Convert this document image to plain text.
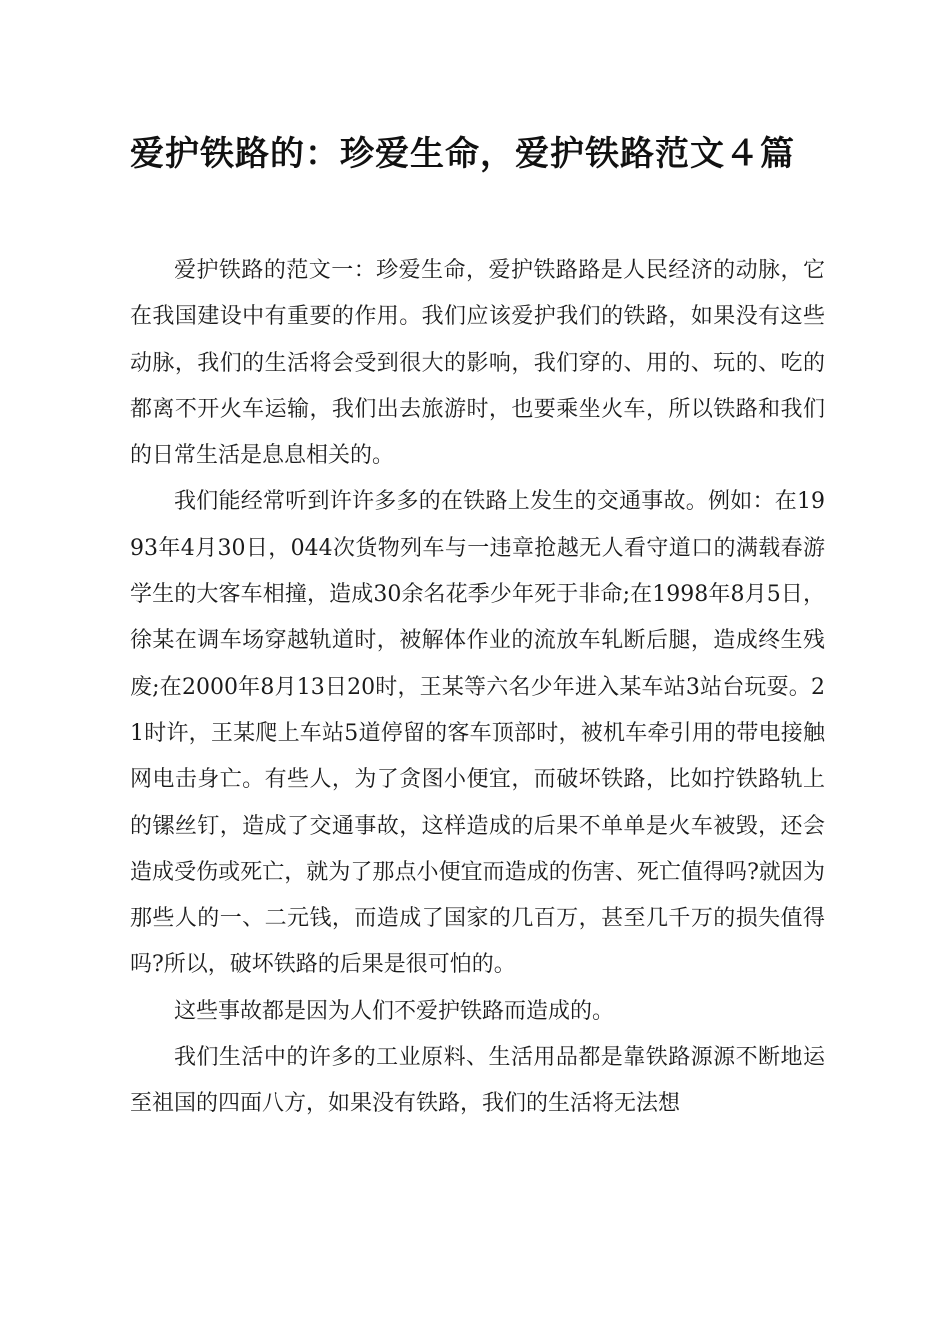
爱护铁路的：珍爱生命，爱护铁路范文４篇

爱护铁路的范文一：珍爱生命，爱护铁路路是人民经济的动脉，它在我国建设中有重要的作用。我们应该爱护我们的铁路，如果没有这些动脉，我们的生活将会受到很大的影响，我们穿的、用的、玩的、吃的都离不开火车运输，我们出去旅游时，也要乘坐火车，所以铁路和我们的日常生活是息息相关的。

我们能经常听到许许多多的在铁路上发生的交通事故。例如：在1993年4月30日，044次货物列车与一违章抢越无人看守道口的满载春游学生的大客车相撞，造成30余名花季少年死于非命;在1998年8月5日，徐某在调车场穿越轨道时，被解体作业的流放车轧断后腿，造成终生残废;在2000年8月13日20时，王某等六名少年进入某车站3站台玩耍。21时许，王某爬上车站5道停留的客车顶部时，被机车牵引用的带电接触网电击身亡。有些人，为了贪图小便宜，而破坏铁路，比如拧铁路轨上的镙丝钉，造成了交通事故，这样造成的后果不单单是火车被毁，还会造成受伤或死亡，就为了那点小便宜而造成的伤害、死亡值得吗?就因为那些人的一、二元钱，而造成了国家的几百万，甚至几千万的损失值得吗?所以，破坏铁路的后果是很可怕的。

这些事故都是因为人们不爱护铁路而造成的。

我们生活中的许多的工业原料、生活用品都是靠铁路源源不断地运至祖国的四面八方，如果没有铁路，我们的生活将无法想
